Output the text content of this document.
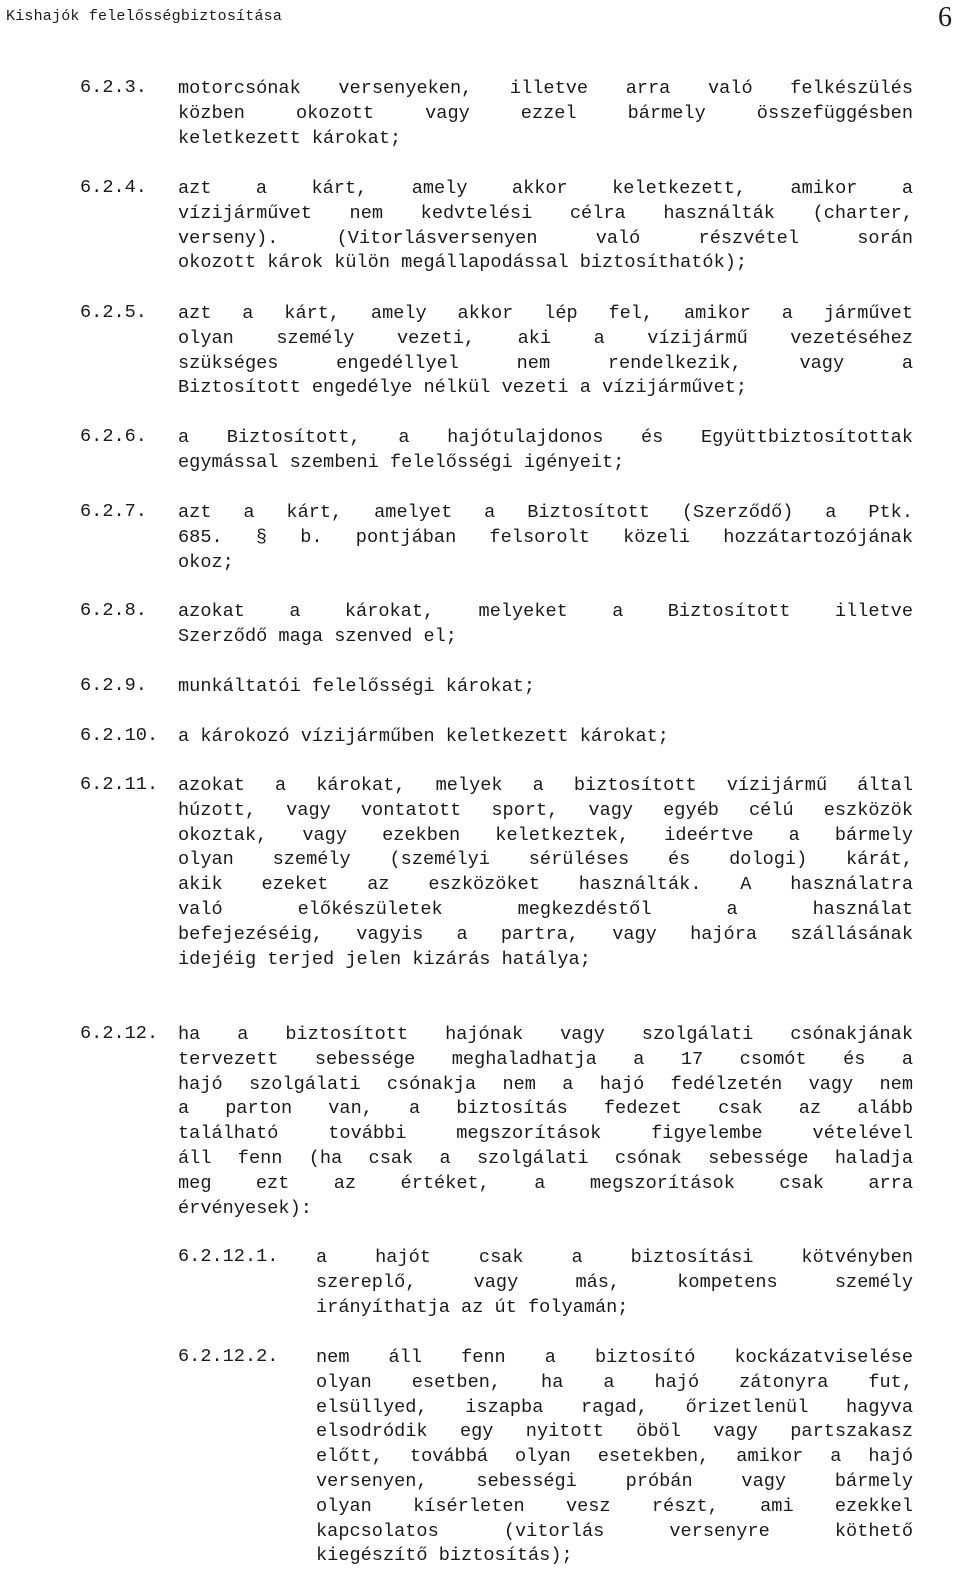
Kishajók felelősségbiztosítása	6
6.2.3. motorcsónak versenyeken, illetve arra való felkészülés
közben okozott vagy ezzel bármely összefüggésben
keletkezett károkat;
6.2.4. azt a kárt, amely akkor keletkezett, amikor a
vízijárművet nem kedvtelési célra használták (charter,
verseny). (Vitorlásversenyen való részvétel során
okozott károk külön megállapodással biztosíthatók);
6.2.5. azt a kárt, amely akkor lép fel, amikor a járművet
olyan személy vezeti, aki a vízijármű vezetéséhez
szükséges engedéllyel nem rendelkezik, vagy a
Biztosított engedélye nélkül vezeti a vízijárművet;
6.2.6. a Biztosított, a hajótulajdonos és Együttbiztosítottak
egymással szembeni felelősségi igényeit;
6.2.7. azt a kárt, amelyet a Biztosított (Szerződő) a Ptk.
685. § b. pontjában felsorolt közeli hozzátartozójának
okoz;
6.2.8. azokat a károkat, melyeket a Biztosított illetve
Szerződő maga szenved el;
6.2.9. munkáltatói felelősségi károkat;
6.2.10. a károkozó vízijárműben keletkezett károkat;
6.2.11. azokat a károkat, melyek a biztosított vízijármű által
húzott, vagy vontatott sport, vagy egyéb célú eszközök
okoztak, vagy ezekben keletkeztek, ideértve a bármely
olyan személy (személyi sérüléses és dologi) kárát,
akik ezeket az eszközöket használták. A használatra
való előkészületek megkezdéstől a használat
befejezéséig, vagyis a partra, vagy hajóra szállásának
idejéig terjed jelen kizárás hatálya;
6.2.12. ha a biztosított hajónak vagy szolgálati csónakjának
tervezett sebessége meghaladhatja a 17 csomót és a
hajó szolgálati csónakja nem a hajó fedélzetén vagy nem
a parton van, a biztosítás fedezet csak az alább
található további megszorítások figyelembe vételével
áll fenn (ha csak a szolgálati csónak sebessége haladja
meg ezt az értéket, a megszorítások csak arra
érvényesek):
6.2.12.1. a hajót csak a biztosítási kötvényben
szereplő, vagy más, kompetens személy
irányíthatja az út folyamán;
6.2.12.2. nem áll fenn a biztosító kockázatviselése
olyan esetben, ha a hajó zátonyra fut,
elsüllyed, iszapba ragad, őrizetlenül hagyva
elsodródik egy nyitott öböl vagy partszakasz
előtt, továbbá olyan esetekben, amikor a hajó
versenyen, sebességi próbán vagy bármely
olyan kísérleten vesz részt, ami ezekkel
kapcsolatos (vitorlás versenyre köthető
kiegészítő biztosítás);
